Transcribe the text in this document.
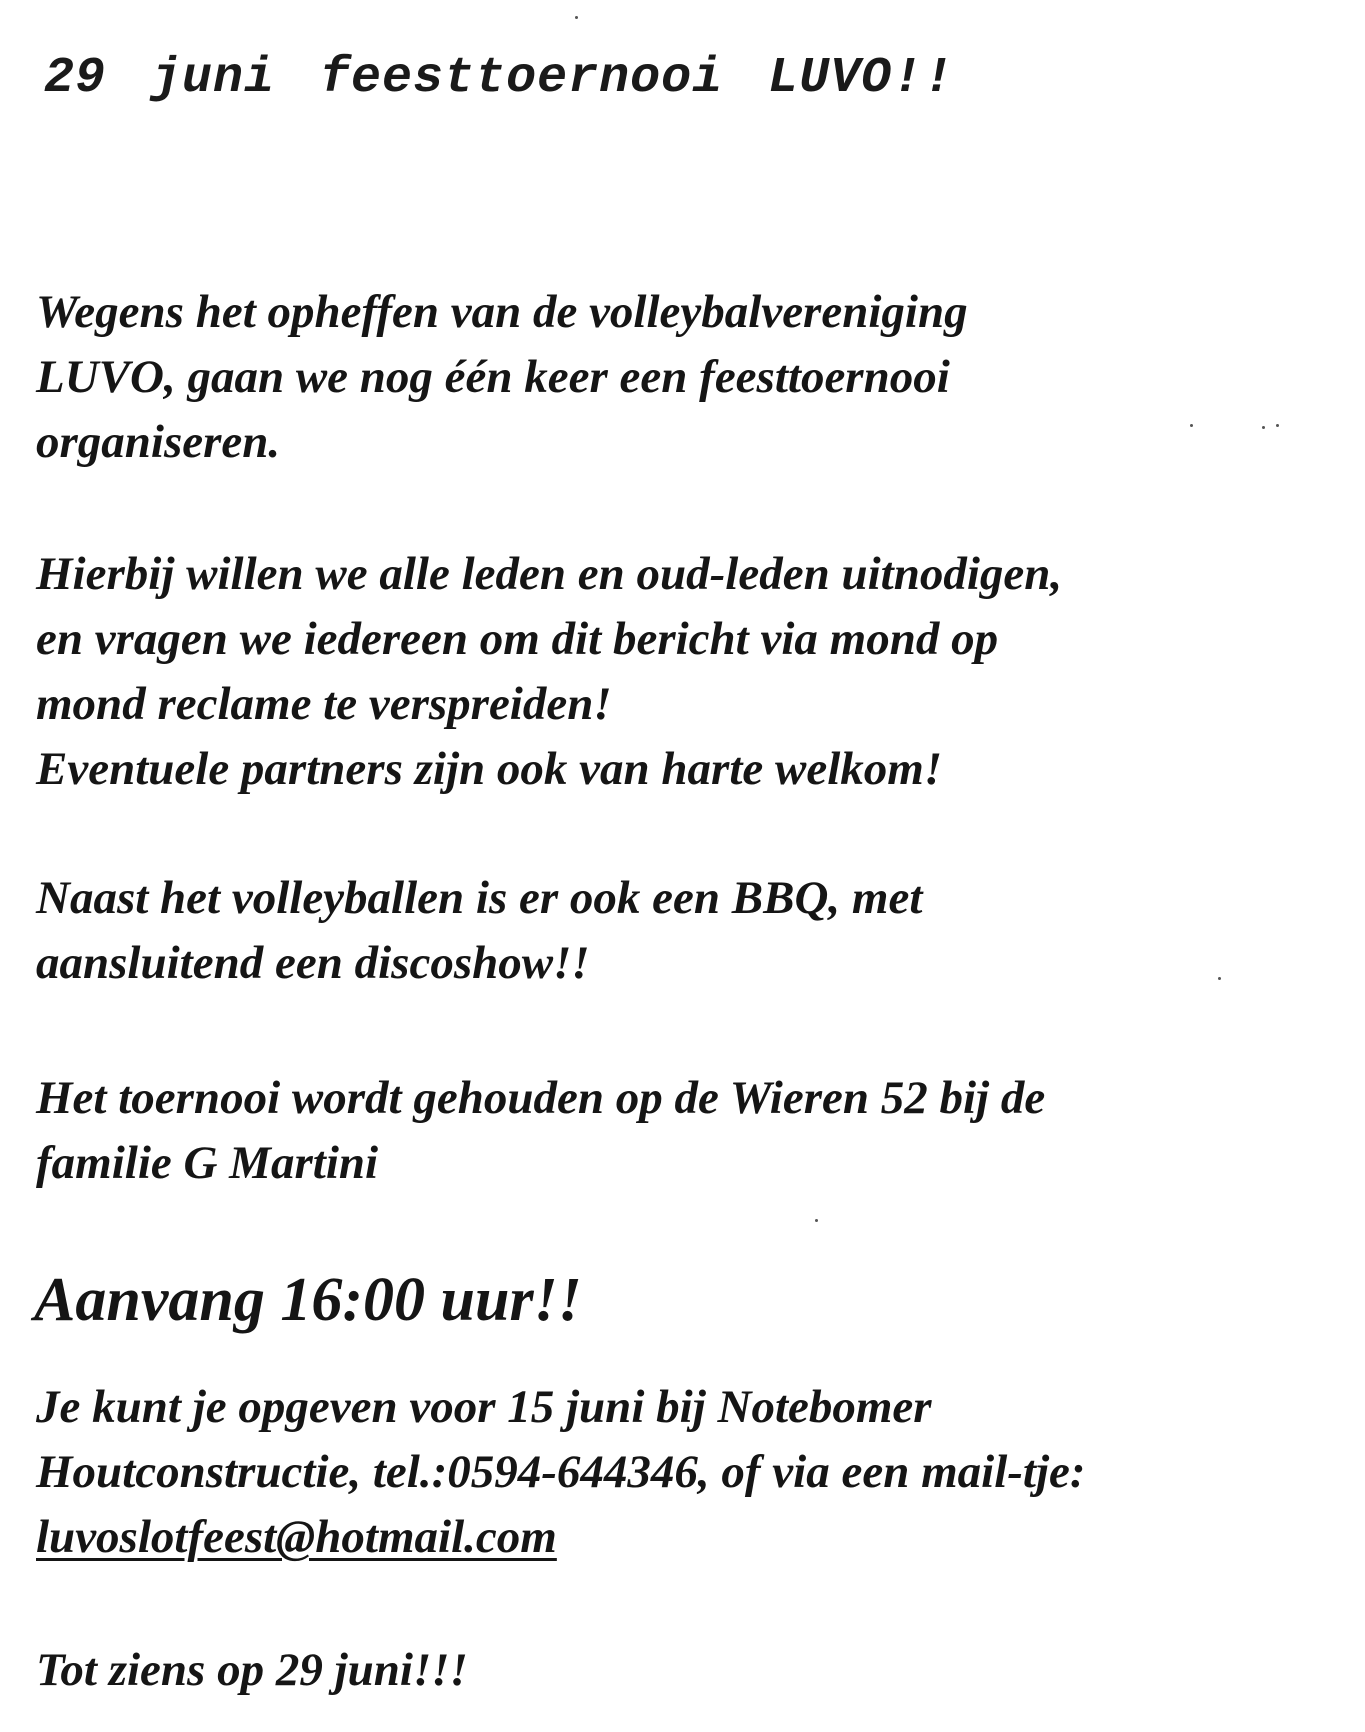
29 juni feesttoernooi LUVO!!

Wegens het opheffen van de volleybalvereniging
LUVO, gaan we nog één keer een feesttoernooi
organiseren.

Hierbij willen we alle leden en oud-leden uitnodigen,
en vragen we iedereen om dit bericht via mond op
mond reclame te verspreiden!
Eventuele partners zijn ook van harte welkom!

Naast het volleyballen is er ook een BBQ, met
aansluitend een discoshow!!

Het toernooi wordt gehouden op de Wieren 52 bij de
familie G Martini

Aanvang 16:00 uur!!

Je kunt je opgeven voor 15 juni bij Notebomer
Houtconstructie, tel.:0594-644346, of via een mail-tje:
luvoslotfeest@hotmail.com

Tot ziens op 29 juni!!!
